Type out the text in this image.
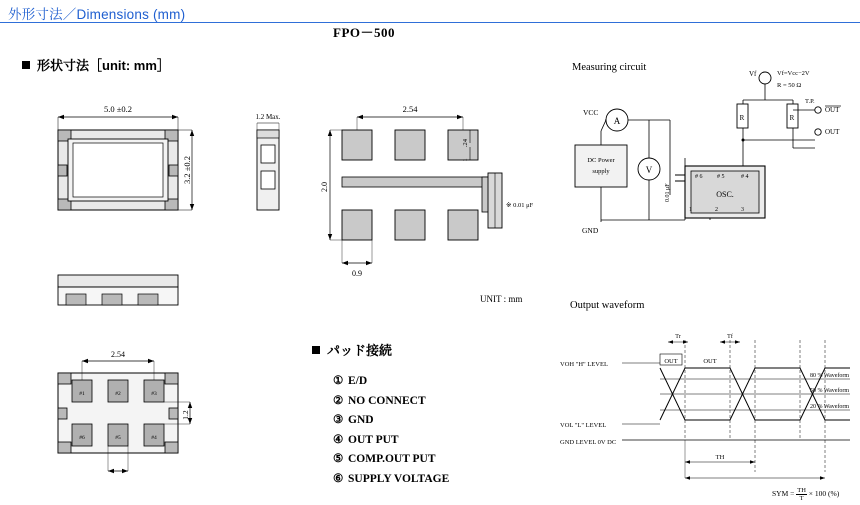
外形寸法／Dimensions (mm)
FPO－500
形状寸法［unit: mm］
パッド接続
① E/D
② NO CONNECT
③ GND
④ OUT PUT
⑤ COMP.OUT PUT
⑥ SUPPLY VOLTAGE
5.0 ±0.2
3.2 ±0.2
#1	#2	#3
#6	#5	#4
2.54
1.2
1.2 Max.
2.54
2.0
.24
1
0.9
※ 0.01 μF
UNIT : mm
Measuring circuit
VCC
A
DC Power
supply	V
0.01 μF
GND
OSC.
# 6 # 5	# 4
1	2	3
Vf	Vf=Vcc−2V
R = 50 Ω
R	R
T.P.
OUT
OUT
Output waveform
VOH "H" LEVEL
VOL "L" LEVEL
GND LEVEL 0V DC
OUT	OUT
80 % Waveform
50 % Waveform
20 % Waveform
Tr	Tf
TH
SYM = $\frac{TH}{T} \times 100$ (%)
